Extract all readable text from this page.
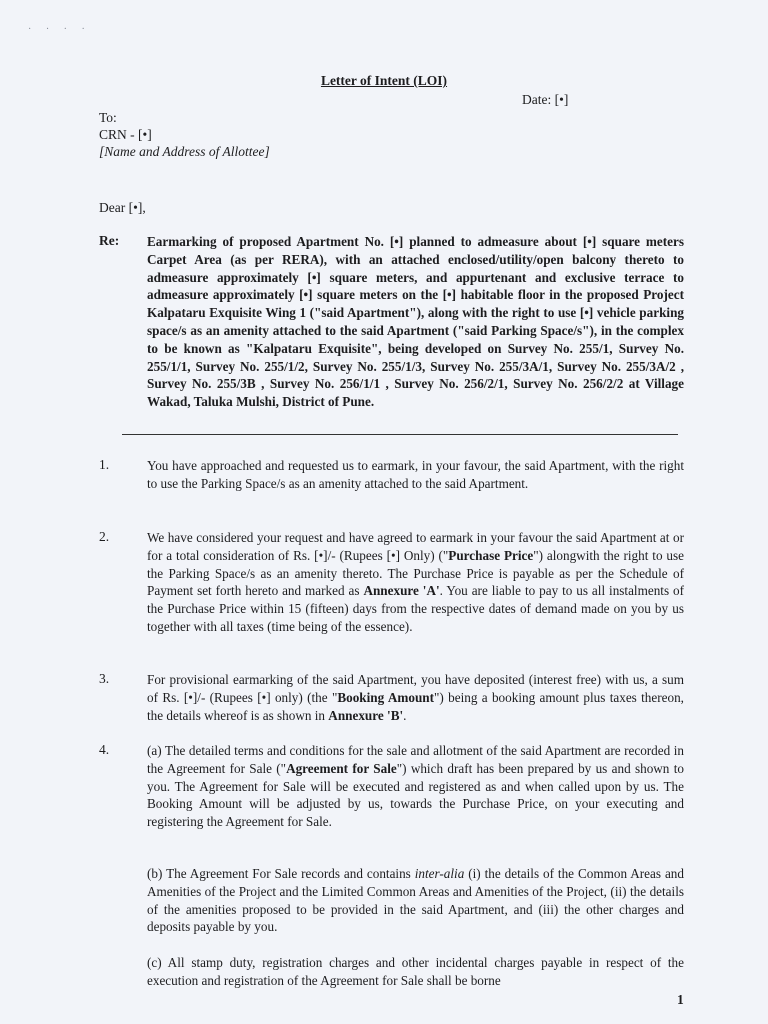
· · · ·
Letter of Intent (LOI)
Date: [•]
To:
CRN - [•]
[Name and Address of Allottee]
Dear [•],
Re: Earmarking of proposed Apartment No. [•] planned to admeasure about [•] square meters Carpet Area (as per RERA), with an attached enclosed/utility/open balcony thereto to admeasure approximately [•] square meters, and appurtenant and exclusive terrace to admeasure approximately [•] square meters on the [•] habitable floor in the proposed Project Kalpataru Exquisite Wing 1 ("said Apartment"), along with the right to use [•] vehicle parking space/s as an amenity attached to the said Apartment ("said Parking Space/s"), in the complex to be known as "Kalpataru Exquisite", being developed on Survey No. 255/1, Survey No. 255/1/1, Survey No. 255/1/2, Survey No. 255/1/3, Survey No. 255/3A/1, Survey No. 255/3A/2 , Survey No. 255/3B , Survey No. 256/1/1 , Survey No. 256/2/1, Survey No. 256/2/2 at Village Wakad, Taluka Mulshi, District of Pune.
1.	You have approached and requested us to earmark, in your favour, the said Apartment, with the right to use the Parking Space/s as an amenity attached to the said Apartment.
2.	We have considered your request and have agreed to earmark in your favour the said Apartment at or for a total consideration of Rs. [•]/- (Rupees [•] Only) ("Purchase Price") alongwith the right to use the Parking Space/s as an amenity thereto. The Purchase Price is payable as per the Schedule of Payment set forth hereto and marked as Annexure 'A'. You are liable to pay to us all instalments of the Purchase Price within 15 (fifteen) days from the respective dates of demand made on you by us together with all taxes (time being of the essence).
3.	For provisional earmarking of the said Apartment, you have deposited (interest free) with us, a sum of Rs. [•]/- (Rupees [•] only) (the "Booking Amount") being a booking amount plus taxes thereon, the details whereof is as shown in Annexure 'B'.
4.	(a) The detailed terms and conditions for the sale and allotment of the said Apartment are recorded in the Agreement for Sale ("Agreement for Sale") which draft has been prepared by us and shown to you. The Agreement for Sale will be executed and registered as and when called upon by us. The Booking Amount will be adjusted by us, towards the Purchase Price, on your executing and registering the Agreement for Sale.
(b) The Agreement For Sale records and contains inter-alia (i) the details of the Common Areas and Amenities of the Project and the Limited Common Areas and Amenities of the Project, (ii) the details of the amenities proposed to be provided in the said Apartment, and (iii) the other charges and deposits payable by you.
(c) All stamp duty, registration charges and other incidental charges payable in respect of the execution and registration of the Agreement for Sale shall be borne
1
